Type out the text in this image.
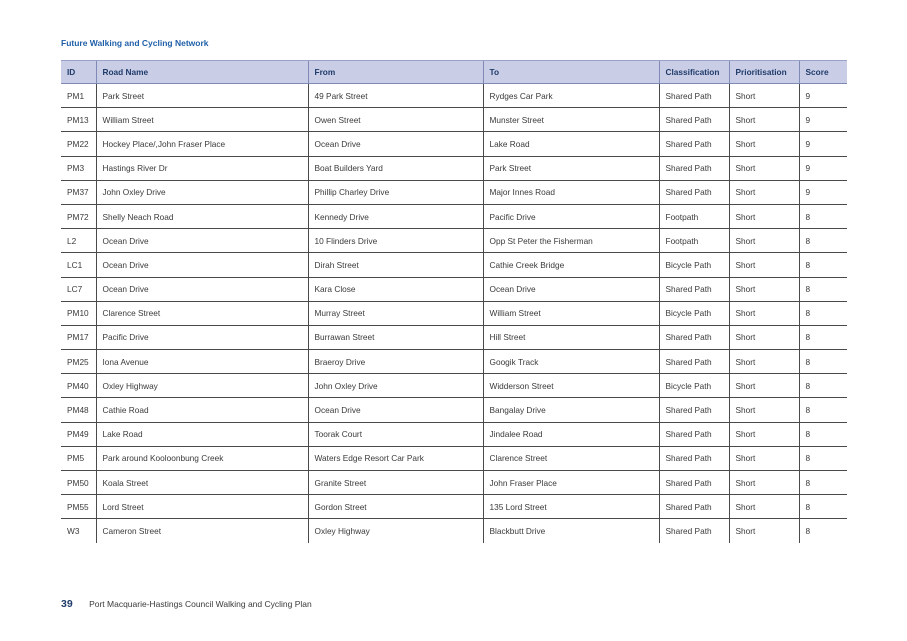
Future Walking and Cycling Network
ID	Road Name	From	To	Classification	Prioritisation	Score
PM1	Park Street	49 Park Street	Rydges Car Park	Shared Path	Short	9
PM13	William Street	Owen Street	Munster Street	Shared Path	Short	9
PM22	Hockey Place/,John Fraser Place	Ocean Drive	Lake Road	Shared Path	Short	9
PM3	Hastings River Dr	Boat Builders Yard	Park Street	Shared Path	Short	9
PM37	John Oxley Drive	Phillip Charley Drive	Major Innes Road	Shared Path	Short	9
PM72	Shelly Neach Road	Kennedy Drive	Pacific Drive	Footpath	Short	8
L2	Ocean Drive	10 Flinders Drive	Opp St Peter the Fisherman	Footpath	Short	8
LC1	Ocean Drive	Dirah Street	Cathie Creek Bridge	Bicycle Path	Short	8
LC7	Ocean Drive	Kara Close	Ocean Drive	Shared Path	Short	8
PM10	Clarence Street	Murray Street	William Street	Bicycle Path	Short	8
PM17	Pacific Drive	Burrawan Street	Hill Street	Shared Path	Short	8
PM25	Iona Avenue	Braeroy Drive	Googik Track	Shared Path	Short	8
PM40	Oxley Highway	John Oxley Drive	Widderson Street	Bicycle Path	Short	8
PM48	Cathie Road	Ocean Drive	Bangalay Drive	Shared Path	Short	8
PM49	Lake Road	Toorak Court	Jindalee Road	Shared Path	Short	8
PM5	Park around Kooloonbung Creek	Waters Edge Resort Car Park	Clarence Street	Shared Path	Short	8
PM50	Koala Street	Granite Street	John Fraser Place	Shared Path	Short	8
PM55	Lord Street	Gordon Street	135 Lord Street	Shared Path	Short	8
W3	Cameron Street	Oxley Highway	Blackbutt Drive	Shared Path	Short	8
39 Port Macquarie-Hastings Council Walking and Cycling Plan
